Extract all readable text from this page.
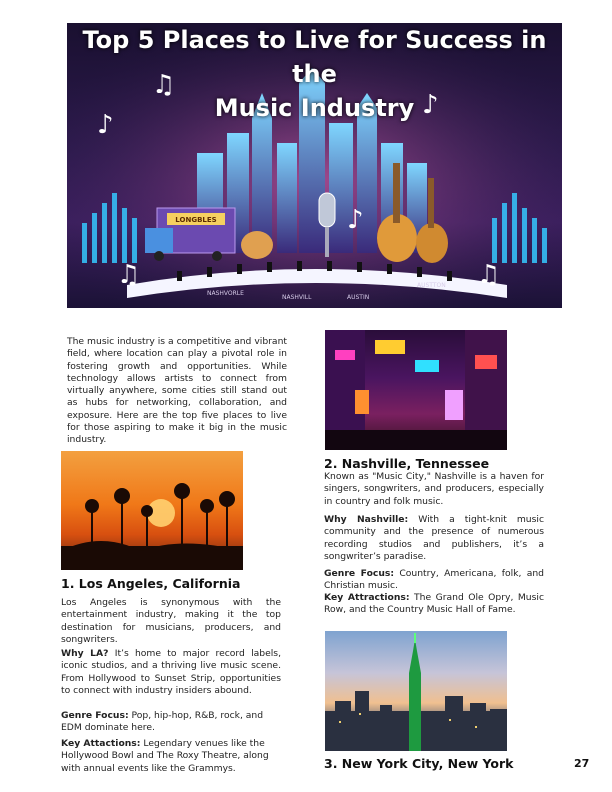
LONGBLES
♪
♫
♫
♪
♫
♪
NASHVORLE
NASHVILL	AUSTIN
AUSTTON
Top 5 Places to Live for Success in the
Music Industry
The music industry is a competitive and vibrant field, where location can play a pivotal role in fostering growth and opportunities. While technology allows artists to connect from virtually anywhere, some cities still stand out as hubs for networking, collaboration, and exposure. Here are the top five places to live for those aspiring to make it big in the music industry.
1. Los Angeles, California
Los Angeles is synonymous with the entertainment industry, making it the top destination for musicians, producers, and songwriters.
Why LA? It’s home to major record labels, iconic studios, and a thriving live music scene. From Hollywood to Sunset Strip, opportunities to connect with industry insiders abound.
Genre Focus: Pop, hip-hop, R&B, rock, and EDM dominate here.
Key Attactions: Legendary venues like the Hollywood Bowl and The Roxy Theatre, along with annual events like the Grammys.
2. Nashville, Tennessee
Known as "Music City," Nashville is a haven for singers, songwriters, and producers, especially in country and folk music.
Why Nashville: With a tight-knit music community and the presence of numerous recording studios and publishers, it’s a songwriter’s paradise.
Genre Focus: Country, Americana, folk, and Christian music.
Key Attractions: The Grand Ole Opry, Music Row, and the Country Music Hall of Fame.
3. New York City, New York	27
